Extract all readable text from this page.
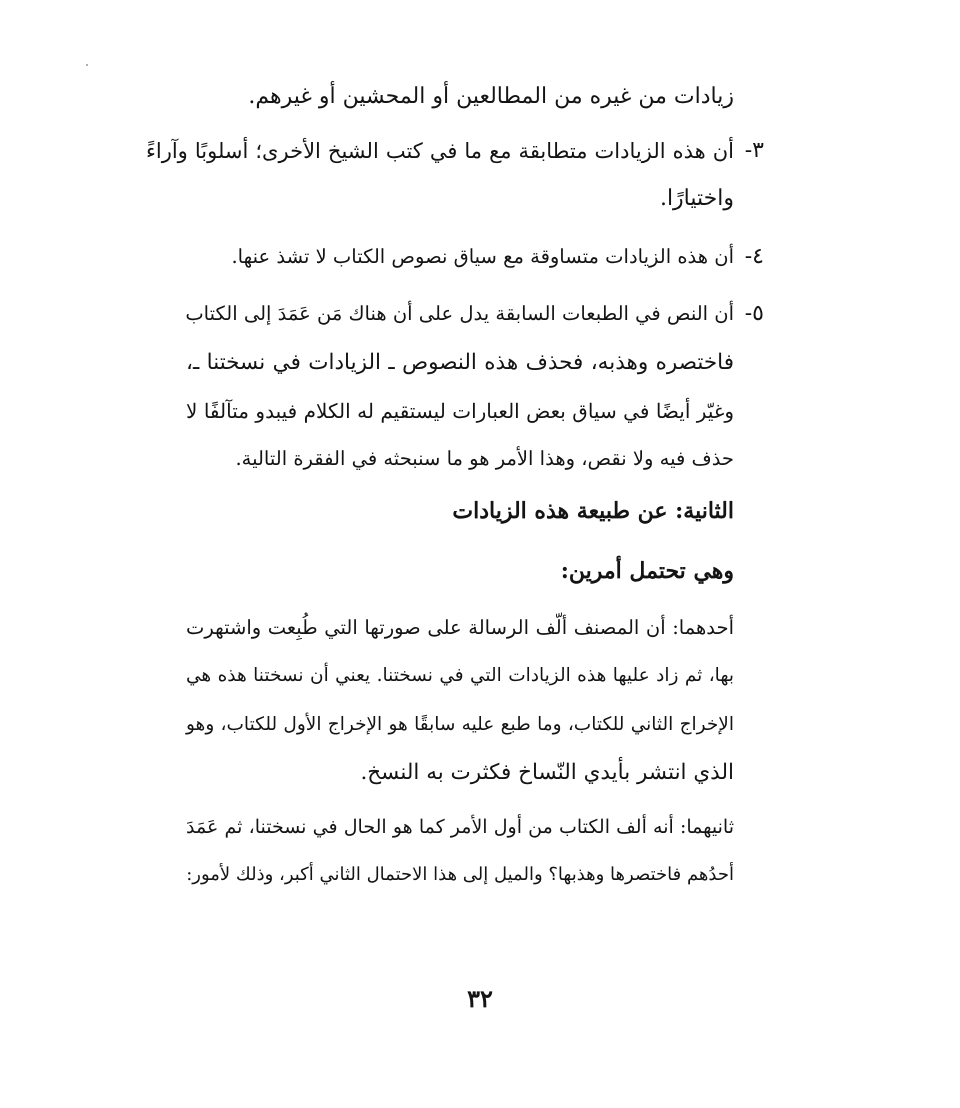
زيادات من غيره من المطالعين أو المحشين أو غيرهم.
٣-
أن هذه الزيادات متطابقة مع ما في كتب الشيخ الأخرى؛ أسلوبًا وآراءً
واختيارًا.
٤-
أن هذه الزيادات متساوقة مع سياق نصوص الكتاب لا تشذ عنها.
٥-
أن النص في الطبعات السابقة يدل على أن هناك مَن عَمَدَ إلى الكتاب
فاختصره وهذبه، فحذف هذه النصوص ـ الزيادات في نسختنا ـ،
وغيّر أيضًا في سياق بعض العبارات ليستقيم له الكلام فيبدو متآلفًا لا
حذف فيه ولا نقص، وهذا الأمر هو ما سنبحثه في الفقرة التالية.
الثانية: عن طبيعة هذه الزيادات
وهي تحتمل أمرين:
أحدهما: أن المصنف ألّف الرسالة على صورتها التي طُبِعت واشتهرت
بها، ثم زاد عليها هذه الزيادات التي في نسختنا. يعني أن نسختنا هذه هي
الإخراج الثاني للكتاب، وما طبع عليه سابقًا هو الإخراج الأول للكتاب، وهو
الذي انتشر بأيدي النّساخ فكثرت به النسخ.
ثانيهما: أنه ألف الكتاب من أول الأمر كما هو الحال في نسختنا، ثم عَمَدَ
أحدُهم فاختصرها وهذبها؟ والميل إلى هذا الاحتمال الثاني أكبر، وذلك لأمور:
٣٢
